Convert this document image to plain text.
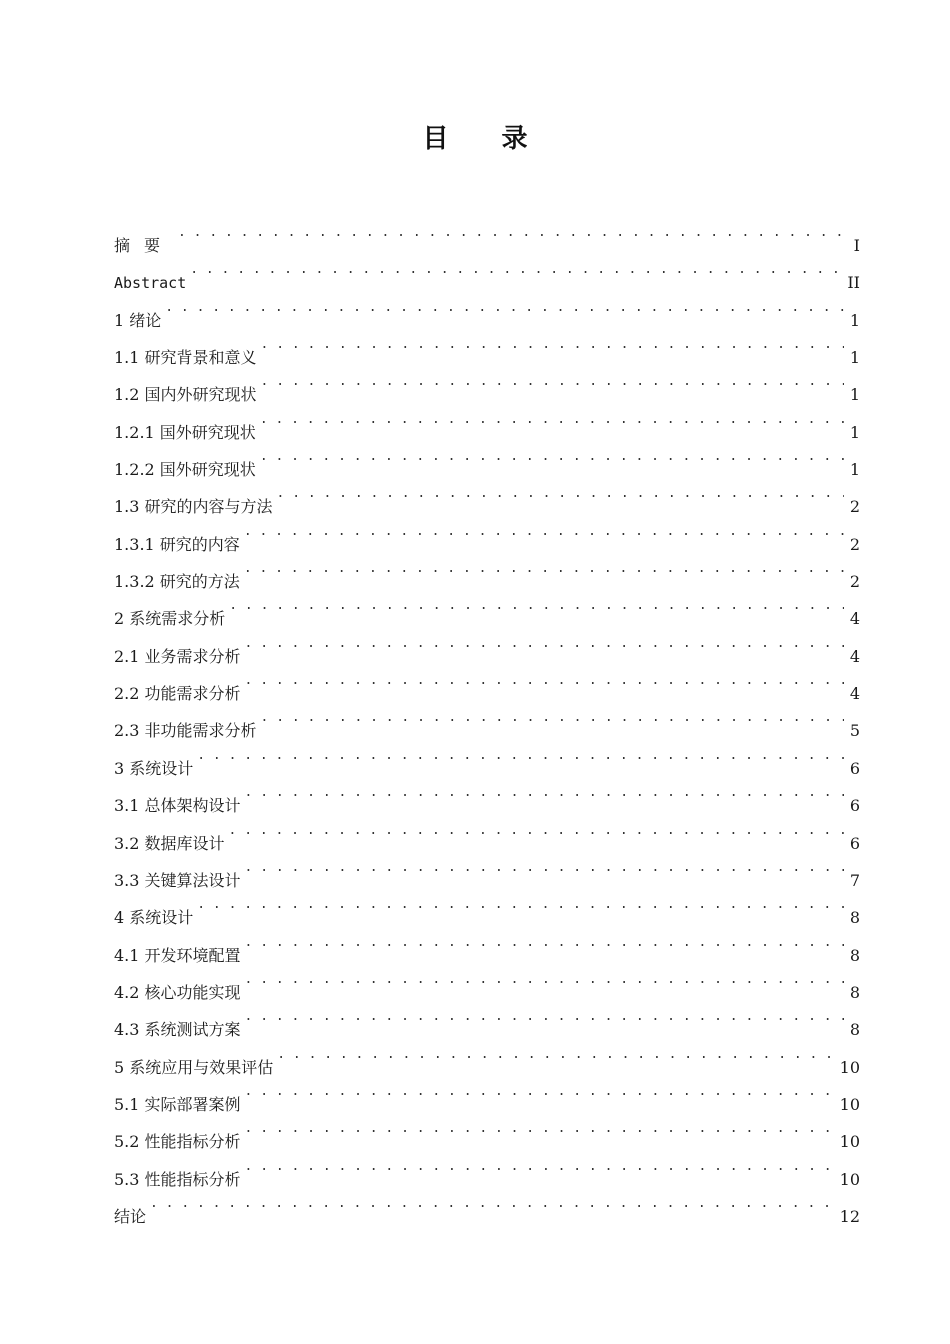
目 录
摘要 . . .	I
Abstract . . .	II
1 绪论 . . .	1
1.1 研究背景和意义 . . .	1
1.2 国内外研究现状 . . .	1
1.2.1 国外研究现状 . . .	1
1.2.2 国外研究现状 . . .	1
1.3 研究的内容与方法 . . .	2
1.3.1 研究的内容 . . .	2
1.3.2 研究的方法 . . .	2
2 系统需求分析 . . .	4
2.1 业务需求分析 . . .	4
2.2 功能需求分析 . . .	4
2.3 非功能需求分析 . . .	5
3 系统设计 . . .	6
3.1 总体架构设计 . . .	6
3.2 数据库设计 . . .	6
3.3 关键算法设计 . . .	7
4 系统设计 . . .	8
4.1 开发环境配置 . . .	8
4.2 核心功能实现 . . .	8
4.3 系统测试方案 . . .	8
5 系统应用与效果评估 . . .	10
5.1 实际部署案例 . . .	10
5.2 性能指标分析 . . .	10
5.3 性能指标分析 . . .	10
结论 . . .	12
